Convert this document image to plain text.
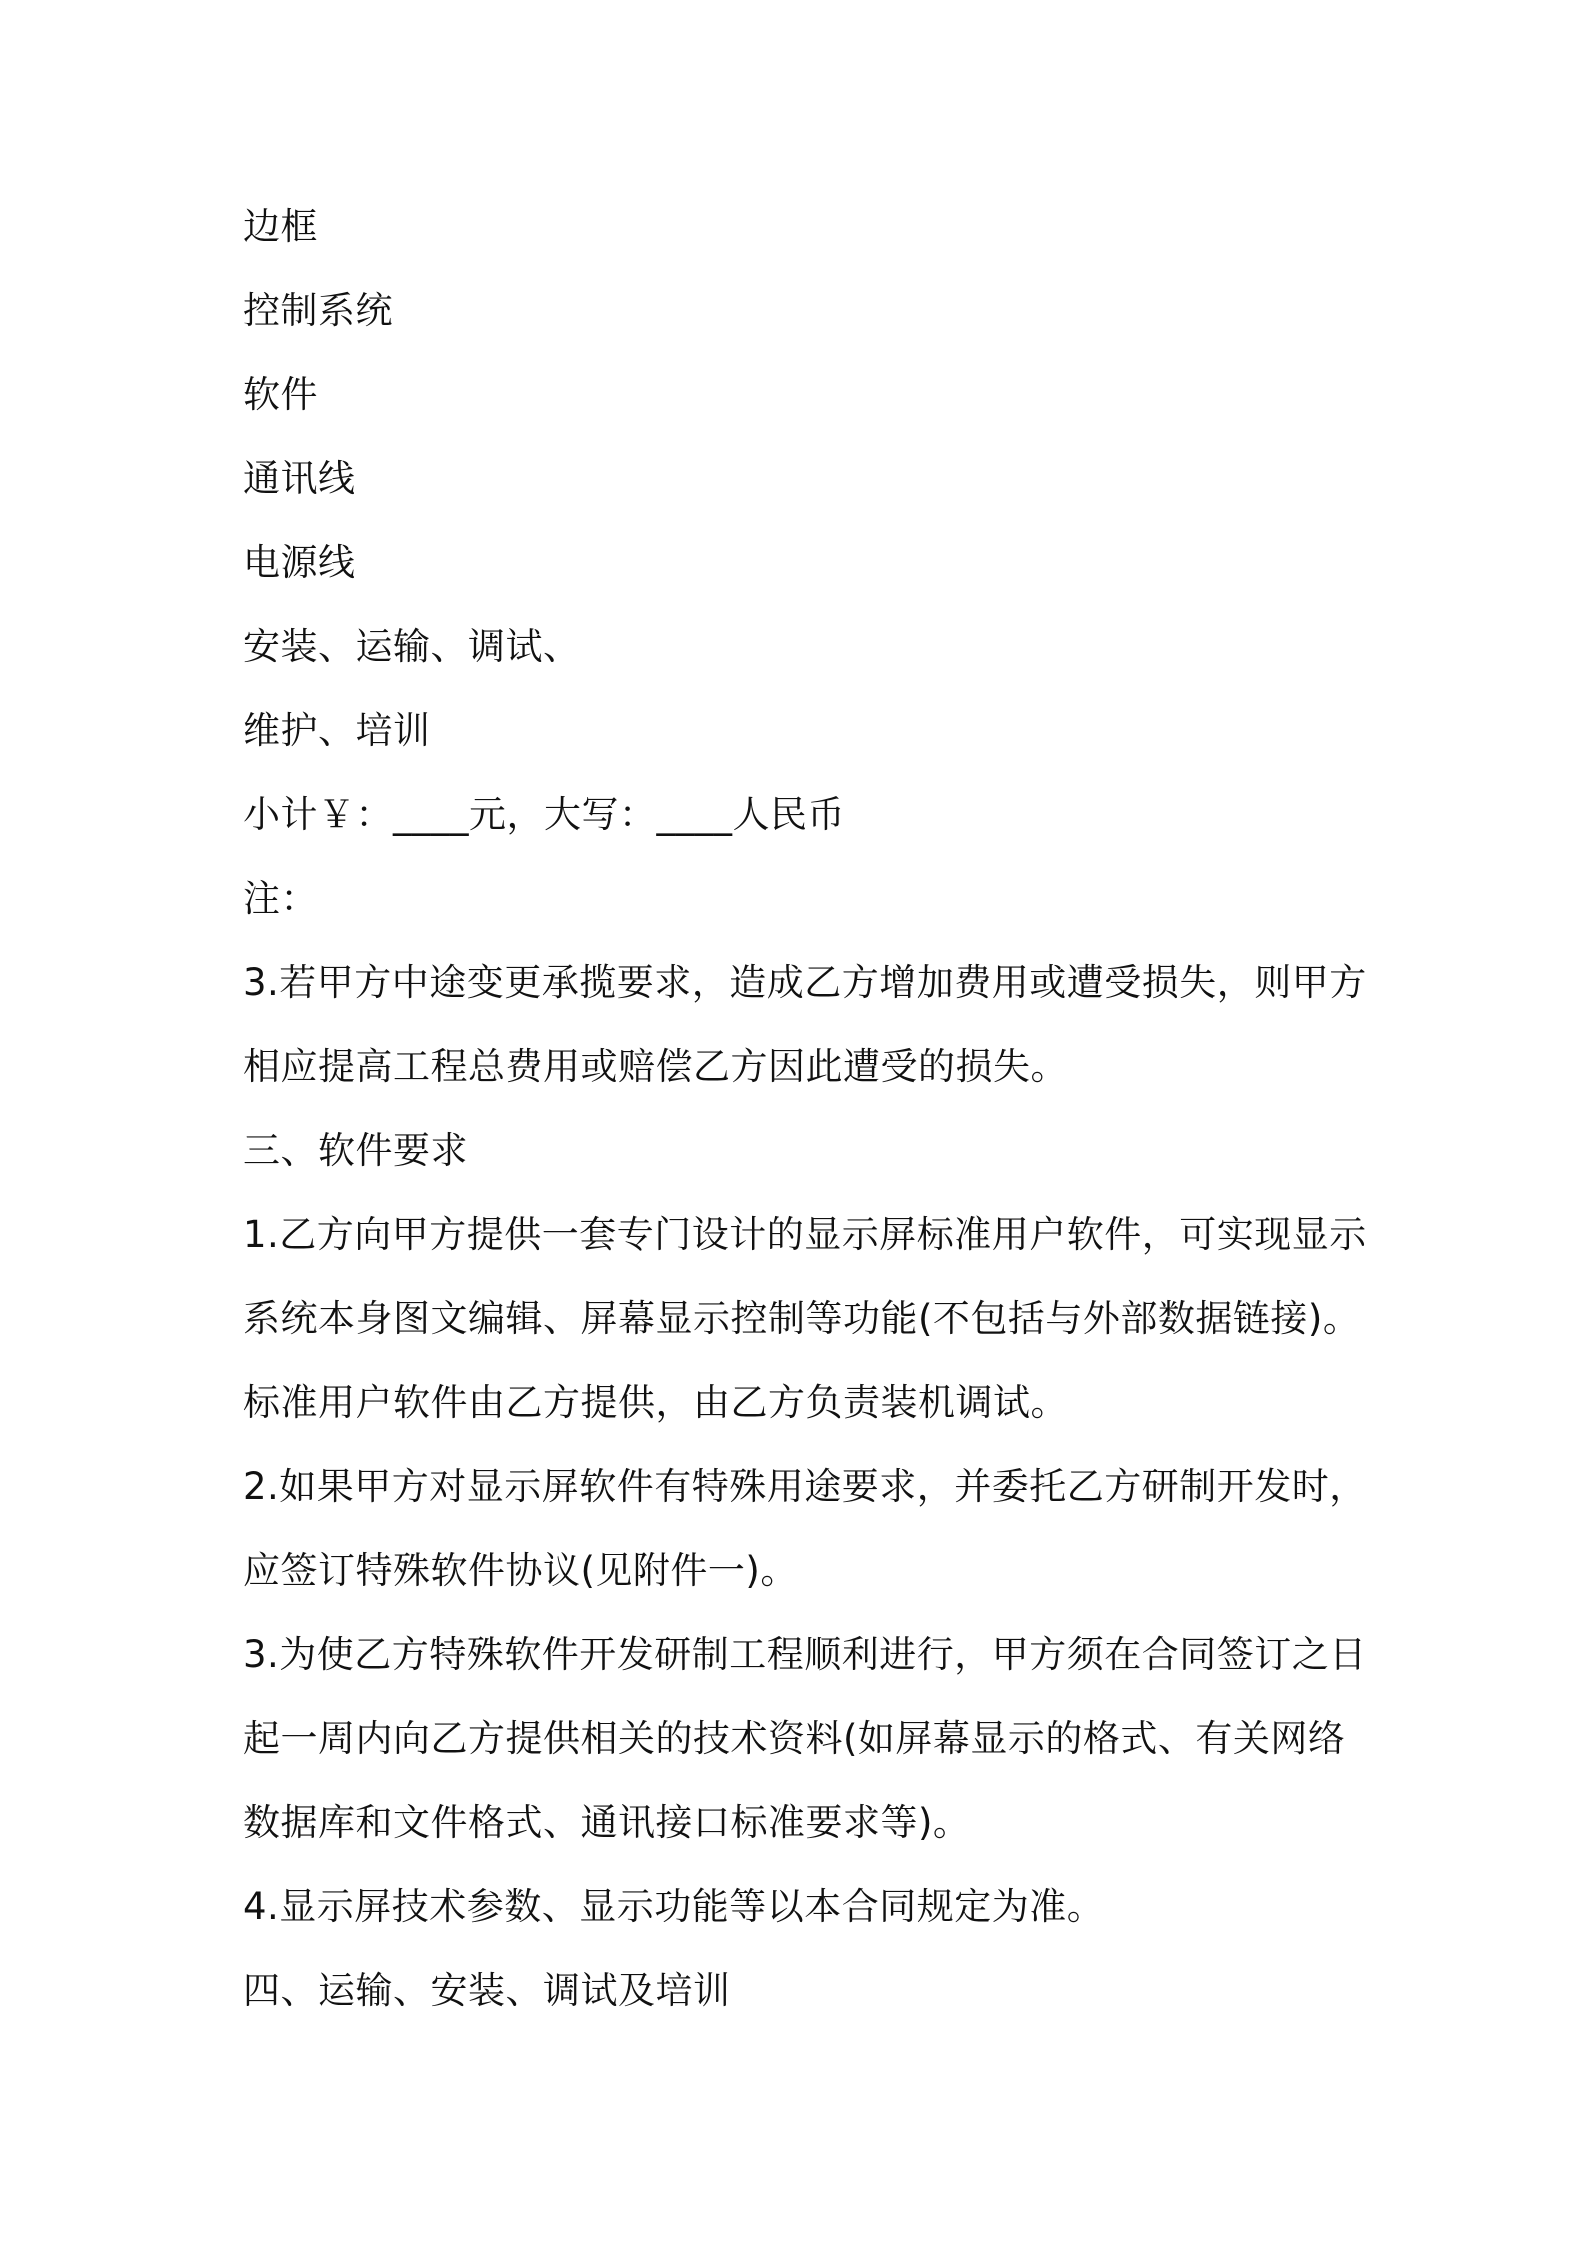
边框
控制系统
软件
通讯线
电源线
安装、运输、调试、
维护、培训
小计￥：____元，大写：____人民币
注：
3.若甲方中途变更承揽要求，造成乙方增加费用或遭受损失，则甲方
相应提高工程总费用或赔偿乙方因此遭受的损失。
三、软件要求
1.乙方向甲方提供一套专门设计的显示屏标准用户软件，可实现显示
系统本身图文编辑、屏幕显示控制等功能(不包括与外部数据链接)。
标准用户软件由乙方提供，由乙方负责装机调试。
2.如果甲方对显示屏软件有特殊用途要求，并委托乙方研制开发时，
应签订特殊软件协议(见附件一)。
3.为使乙方特殊软件开发研制工程顺利进行，甲方须在合同签订之日
起一周内向乙方提供相关的技术资料(如屏幕显示的格式、有关网络
数据库和文件格式、通讯接口标准要求等)。
4.显示屏技术参数、显示功能等以本合同规定为准。
四、运输、安装、调试及培训
